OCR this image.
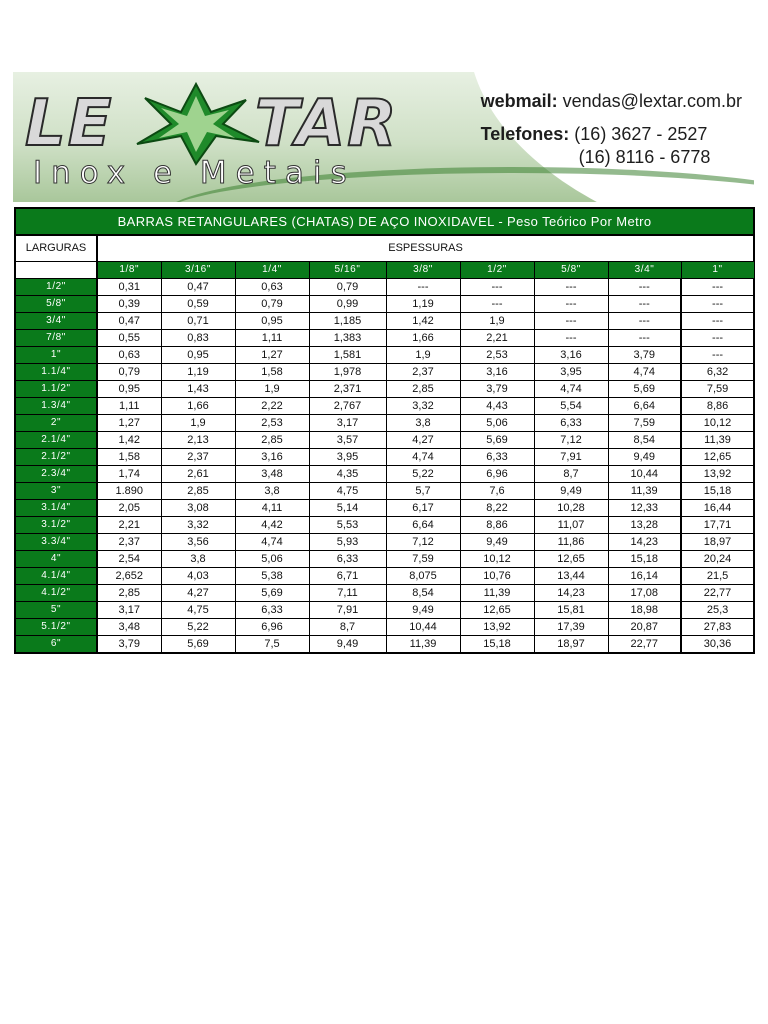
LE TAR
Inox e Metais
webmail: vendas@lextar.com.br
Telefones: (16) 3627 - 2527
(16) 8116 - 6778
BARRAS RETANGULARES (CHATAS) DE AÇO INOXIDAVEL - Peso Teórico Por Metro									
LARGURAS	ESPESSURAS								
	1/8"	3/16"	1/4"	5/16"	3/8"	1/2"	5/8"	3/4"	1"
1/2"	0,31	0,47	0,63	0,79	---	---	---	---	---
5/8"	0,39	0,59	0,79	0,99	1,19	---	---	---	---
3/4"	0,47	0,71	0,95	1,185	1,42	1,9	---	---	---
7/8"	0,55	0,83	1,11	1,383	1,66	2,21	---	---	---
1"	0,63	0,95	1,27	1,581	1,9	2,53	3,16	3,79	---
1.1/4"	0,79	1,19	1,58	1,978	2,37	3,16	3,95	4,74	6,32
1.1/2"	0,95	1,43	1,9	2,371	2,85	3,79	4,74	5,69	7,59
1.3/4"	1,11	1,66	2,22	2,767	3,32	4,43	5,54	6,64	8,86
2"	1,27	1,9	2,53	3,17	3,8	5,06	6,33	7,59	10,12
2.1/4"	1,42	2,13	2,85	3,57	4,27	5,69	7,12	8,54	11,39
2.1/2"	1,58	2,37	3,16	3,95	4,74	6,33	7,91	9,49	12,65
2.3/4"	1,74	2,61	3,48	4,35	5,22	6,96	8,7	10,44	13,92
3"	1.890	2,85	3,8	4,75	5,7	7,6	9,49	11,39	15,18
3.1/4"	2,05	3,08	4,11	5,14	6,17	8,22	10,28	12,33	16,44
3.1/2"	2,21	3,32	4,42	5,53	6,64	8,86	11,07	13,28	17,71
3.3/4"	2,37	3,56	4,74	5,93	7,12	9,49	11,86	14,23	18,97
4"	2,54	3,8	5,06	6,33	7,59	10,12	12,65	15,18	20,24
4.1/4"	2,652	4,03	5,38	6,71	8,075	10,76	13,44	16,14	21,5
4.1/2"	2,85	4,27	5,69	7,11	8,54	11,39	14,23	17,08	22,77
5"	3,17	4,75	6,33	7,91	9,49	12,65	15,81	18,98	25,3
5.1/2"	3,48	5,22	6,96	8,7	10,44	13,92	17,39	20,87	27,83
6"	3,79	5,69	7,5	9,49	11,39	15,18	18,97	22,77	30,36
